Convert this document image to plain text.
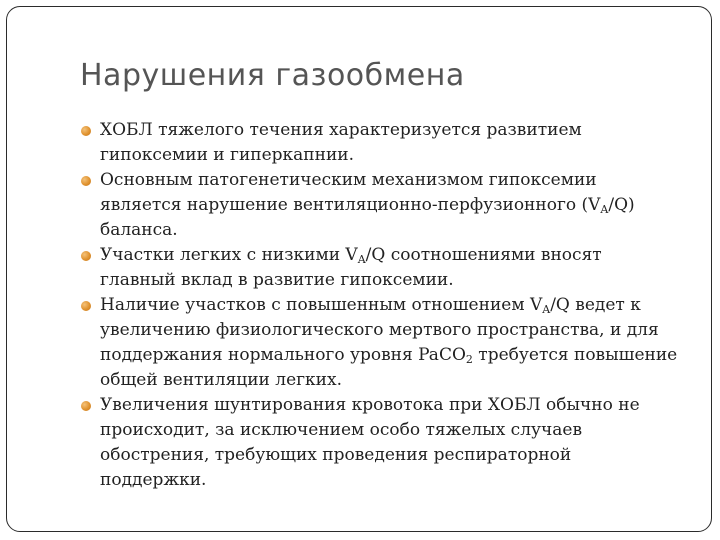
Нарушения газообмена
ХОБЛ тяжелого течения характеризуется развитием гипоксемии и гиперкапнии.
Основным патогенетическим механизмом гипоксемии является нарушение вентиляционно-перфузионного $(V_A/Q)$ баланса.
Участки легких с низкими $V_A/Q$ соотношениями вносят главный вклад в развитие гипоксемии.
Наличие участков с повышенным отношением $V_A/Q$ ведет к увеличению физиологического мертвого пространства, и для поддержания нормального уровня PaCO$_2$ требуется повышение общей вентиляции легких.
Увеличения шунтирования кровотока при ХОБЛ обычно не происходит, за исключением особо тяжелых случаев обострения, требующих проведения респираторной поддержки.
